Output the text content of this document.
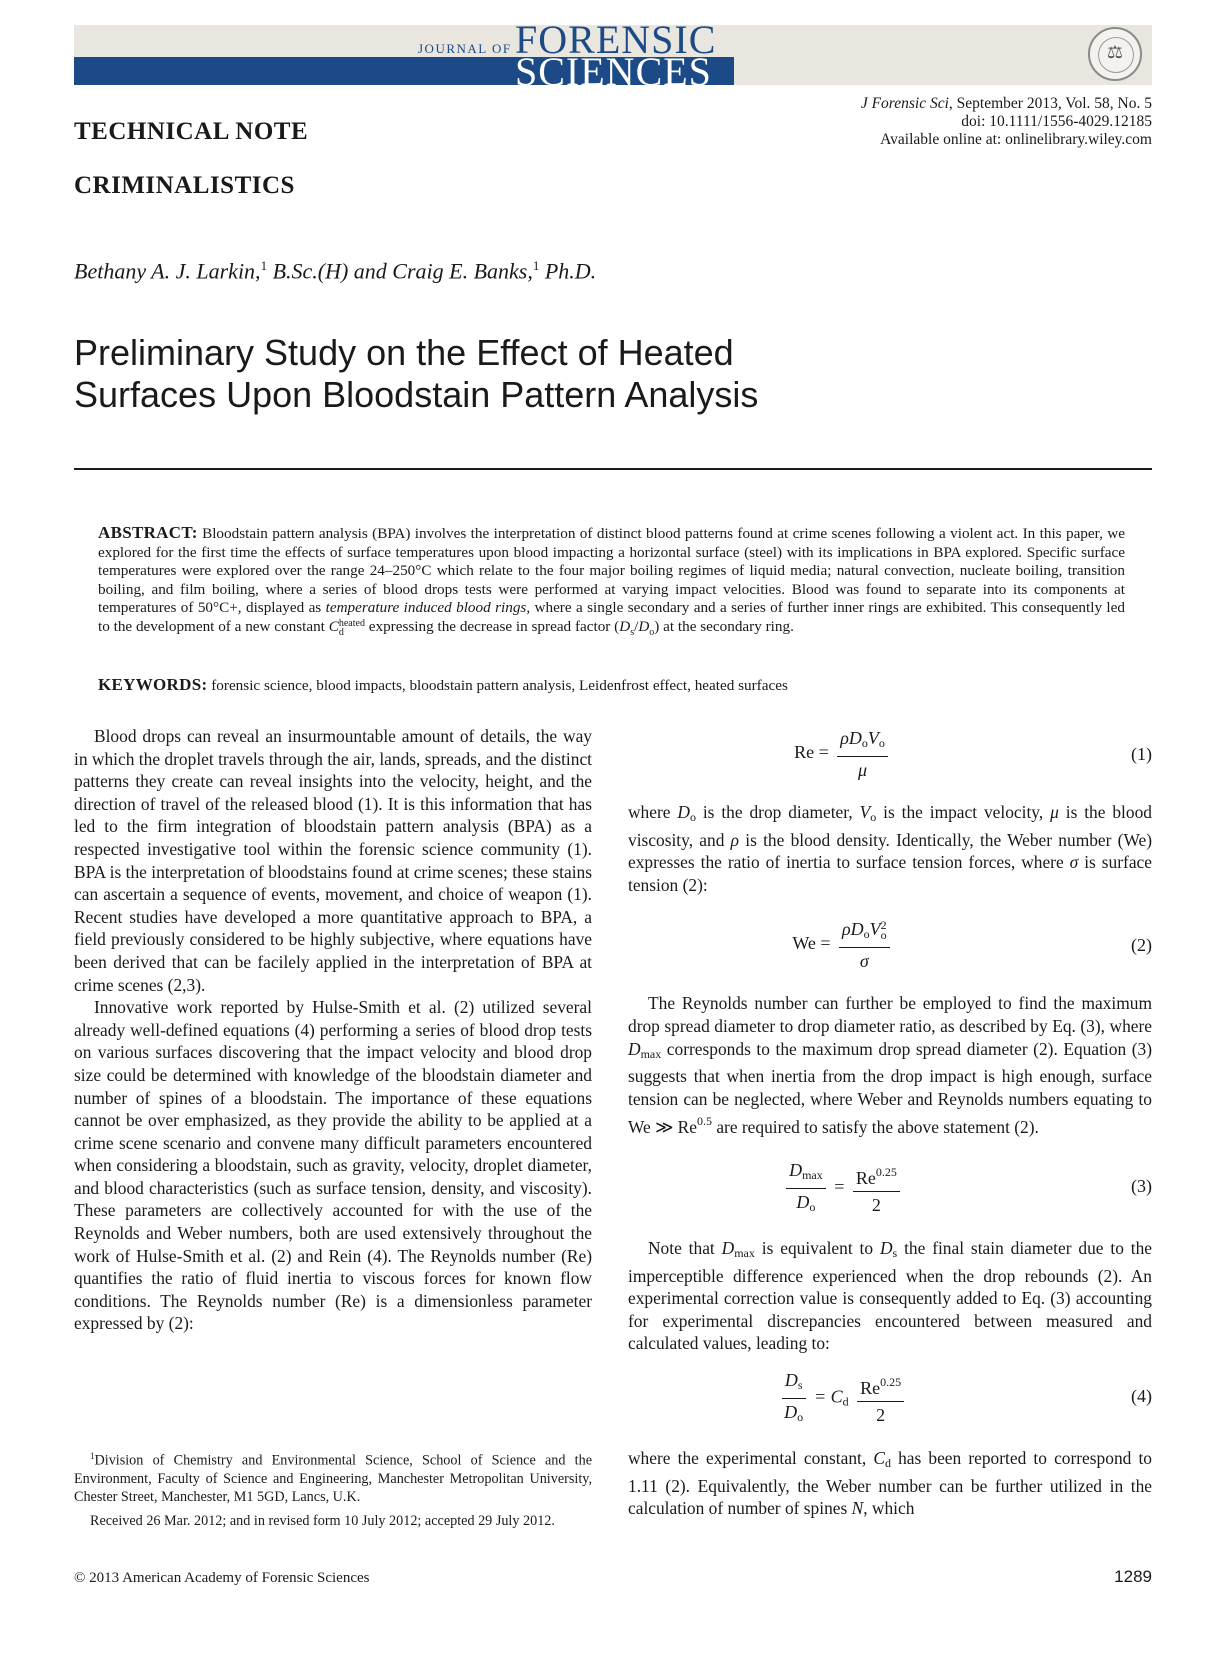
JOURNAL OF FORENSIC
SCIENCES	⚖
J Forensic Sci, September 2013, Vol. 58, No. 5
doi: 10.1111/1556-4029.12185
Available online at: onlinelibrary.wiley.com
TECHNICAL NOTE
CRIMINALISTICS
Bethany A. J. Larkin,$^1$ B.Sc.(H) and Craig E. Banks,$^1$ Ph.D.
Preliminary Study on the Effect of Heated
Surfaces Upon Bloodstain Pattern Analysis
ABSTRACT: Bloodstain pattern analysis (BPA) involves the interpretation of distinct blood patterns found at crime scenes following a violent act. In this paper, we explored for the first time the effects of surface temperatures upon blood impacting a horizontal surface (steel) with its implications in BPA explored. Specific surface temperatures were explored over the range 24–250°C which relate to the four major boiling regimes of liquid media; natural convection, nucleate boiling, transition boiling, and film boiling, where a series of blood drops tests were performed at varying impact velocities. Blood was found to separate into its components at temperatures of 50°C+, displayed as temperature induced blood rings, where a single secondary and a series of further inner rings are exhibited. This consequently led to the development of a new constant C heated
d	expressing the decrease in spread factor $(D_s/D_o)$ at the secondary ring.
KEYWORDS: forensic science, blood impacts, bloodstain pattern analysis, Leidenfrost effect, heated surfaces

Blood drops can reveal an insurmountable amount of details, the way in which the droplet travels through the air, lands, spreads, and the distinct patterns they create can reveal insights into the velocity, height, and the direction of travel of the released blood (1). It is this information that has led to the firm integration of bloodstain pattern analysis (BPA) as a respected investigative tool within the forensic science community (1). BPA is the interpretation of bloodstains found at crime scenes; these stains can ascertain a sequence of events, movement, and choice of weapon (1). Recent studies have developed a more quantitative approach to BPA, a field previously considered to be highly subjective, where equations have been derived that can be facilely applied in the interpretation of BPA at crime scenes (2,3).

Innovative work reported by Hulse-Smith et al. (2) utilized several already well-defined equations (4) performing a series of blood drop tests on various surfaces discovering that the impact velocity and blood drop size could be determined with knowledge of the bloodstain diameter and number of spines of a bloodstain. The importance of these equations cannot be over emphasized, as they provide the ability to be applied at a crime scene scenario and convene many difficult parameters encountered when considering a bloodstain, such as gravity, velocity, droplet diameter, and blood characteristics (such as surface tension, density, and viscosity). These parameters are collectively accounted for with the use of the Reynolds and Weber numbers, both are used extensively throughout the work of Hulse-Smith et al. (2) and Rein (4). The Reynolds number (Re) quantifies the ratio of fluid inertia to viscous forces for known flow conditions. The Reynolds number (Re) is a dimensionless parameter expressed by (2):

$^1$Division of Chemistry and Environmental Science, School of Science and the Environment, Faculty of Science and Engineering, Manchester Metropolitan University, Chester Street, Manchester, M1 5GD, Lancs, U.K.

Received 26 Mar. 2012; and in revised form 10 July 2012; accepted 29 July 2012.

$Re = \frac{\rho D_oV_o}{\mu}$	(1)

where $D_o$ is the drop diameter, $V_o$ is the impact velocity, μ is the blood viscosity, and ρ is the blood density. Identically, the Weber number (We) expresses the ratio of inertia to surface tension forces, where σ is surface tension (2):

$We = \rho D_oV$ 2
o
σ	(2)

The Reynolds number can further be employed to find the maximum drop spread diameter to drop diameter ratio, as described by Eq. (3), where $D_{max}$ corresponds to the maximum drop spread diameter (2). Equation (3) suggests that when inertia from the drop impact is high enough, surface tension can be neglected, where Weber and Reynolds numbers equating to We ≫ $Re^{0.5}$ are required to satisfy the above statement (2).

$\frac{D_{max}}{D_o} = \frac{Re^{0.25}}{2}$	(3)

Note that $D_{max}$ is equivalent to $D_s$ the final stain diameter due to the imperceptible difference experienced when the drop rebounds (2). An experimental correction value is consequently added to Eq. (3) accounting for experimental discrepancies encountered between measured and calculated values, leading to:

$\frac{D_s}{D_o} = C_d \frac{Re^{0.25}}{2}$	(4)

where the experimental constant, $C_d$ has been reported to correspond to 1.11 (2). Equivalently, the Weber number can be further utilized in the calculation of number of spines N, which

© 2013 American Academy of Forensic Sciences	1289
